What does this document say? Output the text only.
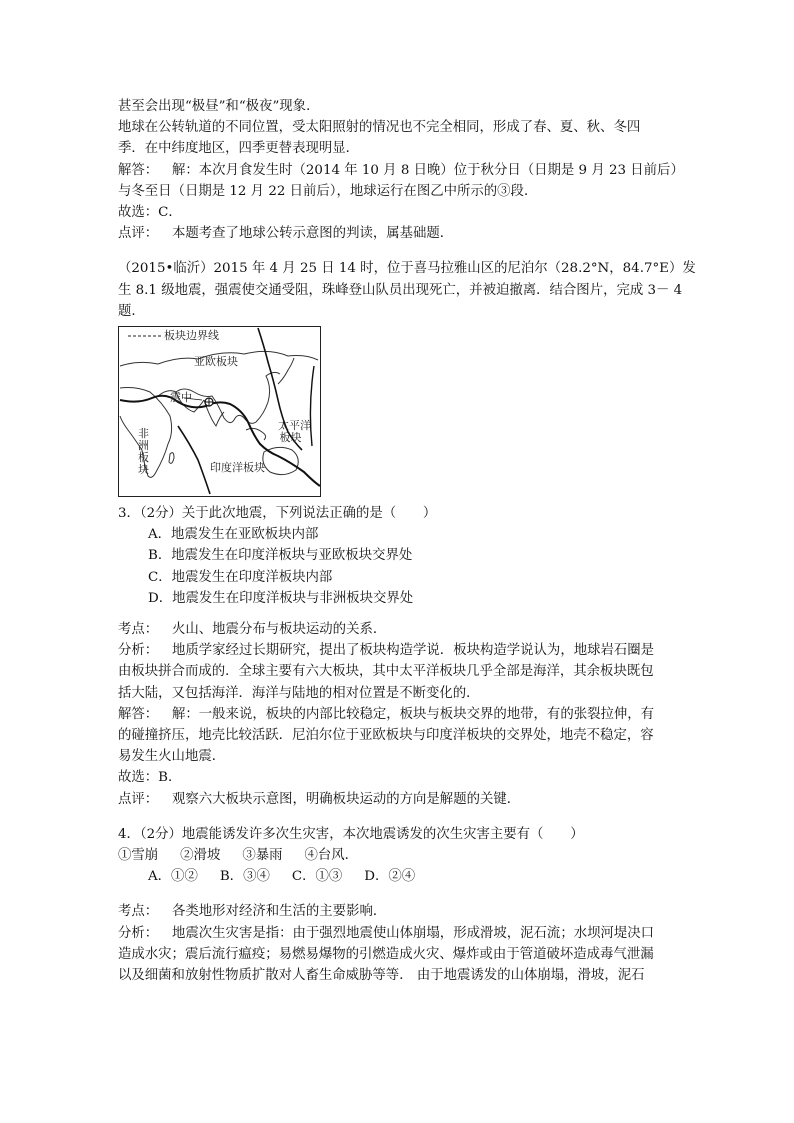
甚至会出现“极昼”和“极夜”现象．
地球在公转轨道的不同位置，受太阳照射的情况也不完全相同，形成了春、夏、秋、冬四
季．在中纬度地区，四季更替表现明显．
解答： 解：本次月食发生时（2014 年 10 月 8 日晚）位于秋分日（日期是 9 月 23 日前后）
与冬至日（日期是 12 月 22 日前后），地球运行在图乙中所示的③段．
故选：C．
点评： 本题考查了地球公转示意图的判读，属基础题．
（2015•临沂）2015 年 4 月 25 日 14 时，位于喜马拉雅山区的尼泊尔（28.2°N，84.7°E）发
生 8.1 级地震，强震使交通受阻，珠峰登山队员出现死亡，并被迫撤离．结合图片，完成 3－ 4
题．
板块边界线
亚欧板块
震中
非
洲
板
块
太平洋
板块
印度洋板块
3．（2分）关于此次地震，下列说法正确的是（　　）
A．地震发生在亚欧板块内部
B．地震发生在印度洋板块与亚欧板块交界处
C．地震发生在印度洋板块内部
D．地震发生在印度洋板块与非洲板块交界处
考点： 火山、地震分布与板块运动的关系．
分析： 地质学家经过长期研究，提出了板块构造学说．板块构造学说认为，地球岩石圈是
由板块拼合而成的．全球主要有六大板块，其中太平洋板块几乎全部是海洋，其余板块既包
括大陆，又包括海洋．海洋与陆地的相对位置是不断变化的．
解答： 解：一般来说，板块的内部比较稳定，板块与板块交界的地带，有的张裂拉伸，有
的碰撞挤压，地壳比较活跃．尼泊尔位于亚欧板块与印度洋板块的交界处，地壳不稳定，容
易发生火山地震．
故选：B．
点评： 观察六大板块示意图，明确板块运动的方向是解题的关键．
4．（2分）地震能诱发许多次生灾害，本次地震诱发的次生灾害主要有（　　）
①雪崩 ②滑坡 ③暴雨 ④台风．
A．①② B．③④ C．①③ D．②④
考点： 各类地形对经济和生活的主要影响．
分析： 地震次生灾害是指：由于强烈地震使山体崩塌，形成滑坡，泥石流；水坝河堤决口
造成水灾；震后流行瘟疫；易燃易爆物的引燃造成火灾、爆炸或由于管道破坏造成毒气泄漏
以及细菌和放射性物质扩散对人畜生命威胁等等． 由于地震诱发的山体崩塌，滑坡，泥石
